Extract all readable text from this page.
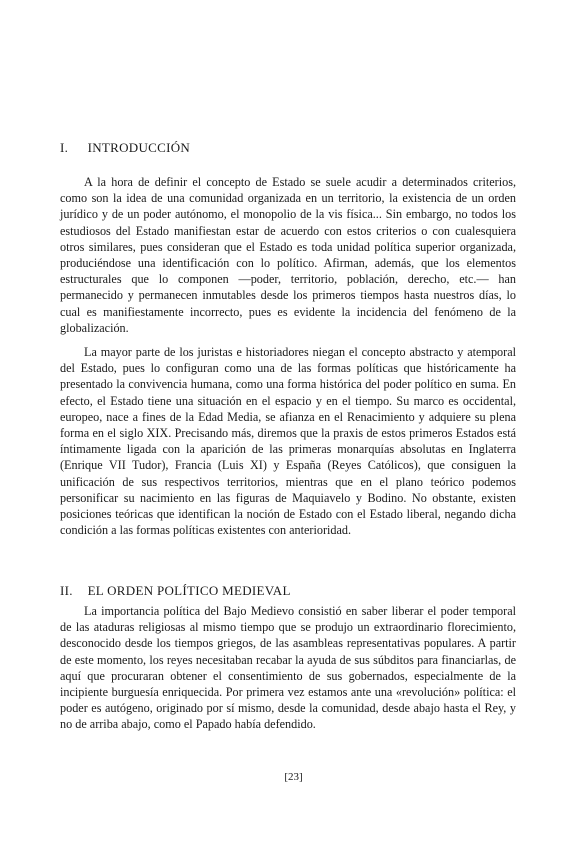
I. INTRODUCCIÓN

A la hora de definir el concepto de Estado se suele acudir a determinados criterios, como son la idea de una comunidad organizada en un territorio, la existencia de un orden jurídico y de un poder autónomo, el monopolio de la vis física... Sin embargo, no todos los estudiosos del Estado manifiestan estar de acuerdo con estos criterios o con cualesquiera otros similares, pues consideran que el Estado es toda unidad política superior organizada, produciéndose una identificación con lo político. Afirman, además, que los elementos estructurales que lo componen —poder, territorio, población, derecho, etc.— han permanecido y permanecen inmutables desde los primeros tiempos hasta nuestros días, lo cual es manifiestamente incorrecto, pues es evidente la incidencia del fenómeno de la globalización.

La mayor parte de los juristas e historiadores niegan el concepto abstracto y atemporal del Estado, pues lo configuran como una de las formas políticas que históricamente ha presentado la convivencia humana, como una forma histórica del poder político en suma. En efecto, el Estado tiene una situación en el espacio y en el tiempo. Su marco es occidental, europeo, nace a fines de la Edad Media, se afianza en el Renacimiento y adquiere su plena forma en el siglo XIX. Precisando más, diremos que la praxis de estos primeros Estados está íntimamente ligada con la aparición de las primeras monarquías absolutas en Inglaterra (Enrique VII Tudor), Francia (Luis XI) y España (Reyes Católicos), que consiguen la unificación de sus respectivos territorios, mientras que en el plano teórico podemos personificar su nacimiento en las figuras de Maquiavelo y Bodino. No obstante, existen posiciones teóricas que identifican la noción de Estado con el Estado liberal, negando dicha condición a las formas políticas existentes con anterioridad.

II. EL ORDEN POLÍTICO MEDIEVAL

La importancia política del Bajo Medievo consistió en saber liberar el poder temporal de las ataduras religiosas al mismo tiempo que se produjo un extraordinario florecimiento, desconocido desde los tiempos griegos, de las asambleas representativas populares. A partir de este momento, los reyes necesitaban recabar la ayuda de sus súbditos para financiarlas, de aquí que procuraran obtener el consentimiento de sus gobernados, especialmente de la incipiente burguesía enriquecida. Por primera vez estamos ante una «revolución» política: el poder es autógeno, originado por sí mismo, desde la comunidad, desde abajo hasta el Rey, y no de arriba abajo, como el Papado había defendido.

[23]
